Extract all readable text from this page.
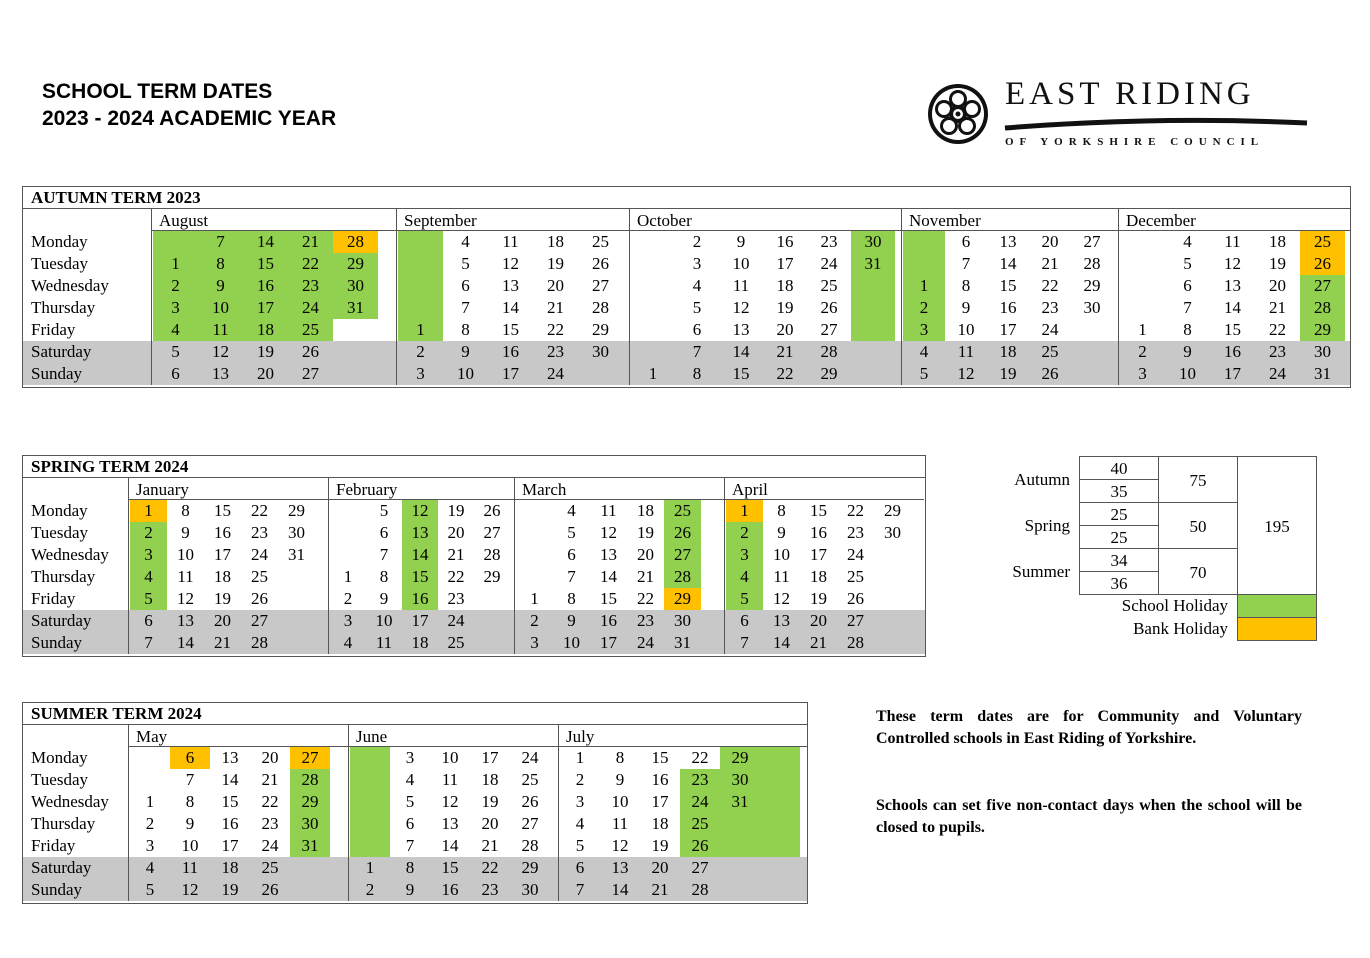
SCHOOL TERM DATES
2023 - 2024 ACADEMIC YEAR
EAST RIDING
OF YORKSHIRE COUNCIL
AUTUMN TERM 2023
Monday
Tuesday
Wednesday
Thursday
Friday
Saturday
Sunday
August
1
2
3
4
5
6
7
8
9
10
11
12
13
14
15
16
17
18
19
20
21
22
23
24
25
26
27
28
29
30
31
September
1
2
3
4
5
6
7
8
9
10
11
12
13
14
15
16
17
18
19
20
21
22
23
24
25
26
27
28
29
30
October
1
2
3
4
5
6
7
8
9
10
11
12
13
14
15
16
17
18
19
20
21
22
23
24
25
26
27
28
29
30
31
November
1
2
3
4
5
6
7
8
9
10
11
12
13
14
15
16
17
18
19
20
21
22
23
24
25
26
27
28
29
30
December
1
2
3
4
5
6
7
8
9
10
11
12
13
14
15
16
17
18
19
20
21
22
23
24
25
26
27
28
29
30
31
SPRING TERM 2024
Monday
Tuesday
Wednesday
Thursday
Friday
Saturday
Sunday
January
1
2
3
4
5
6
7
8
9
10
11
12
13
14
15
16
17
18
19
20
21
22
23
24
25
26
27
28
29
30
31
February
1
2
3
4
5
6
7
8
9
10
11
12
13
14
15
16
17
18
19
20
21
22
23
24
25
26
27
28
29
March
1
2
3
4
5
6
7
8
9
10
11
12
13
14
15
16
17
18
19
20
21
22
23
24
25
26
27
28
29
30
31
April
1
2
3
4
5
6
7
8
9
10
11
12
13
14
15
16
17
18
19
20
21
22
23
24
25
26
27
28
29
30
SUMMER TERM 2024
Monday
Tuesday
Wednesday
Thursday
Friday
Saturday
Sunday
May
1
2
3
4
5
6
7
8
9
10
11
12
13
14
15
16
17
18
19
20
21
22
23
24
25
26
27
28
29
30
31
June
1
2
3
4
5
6
7
8
9
10
11
12
13
14
15
16
17
18
19
20
21
22
23
24
25
26
27
28
29
30
July
1
2
3
4
5
6
7
8
9
10
11
12
13
14
15
16
17
18
19
20
21
22
23
24
25
26
27
28
29
30
31
Autumn
Spring
Summer
40
35
25
25
34
36
75
50
70
195
School Holiday
Bank Holiday
These term dates are for Community and Voluntary Controlled schools in East Riding of Yorkshire.
Schools can set five non-contact days when the school will be closed to pupils.
